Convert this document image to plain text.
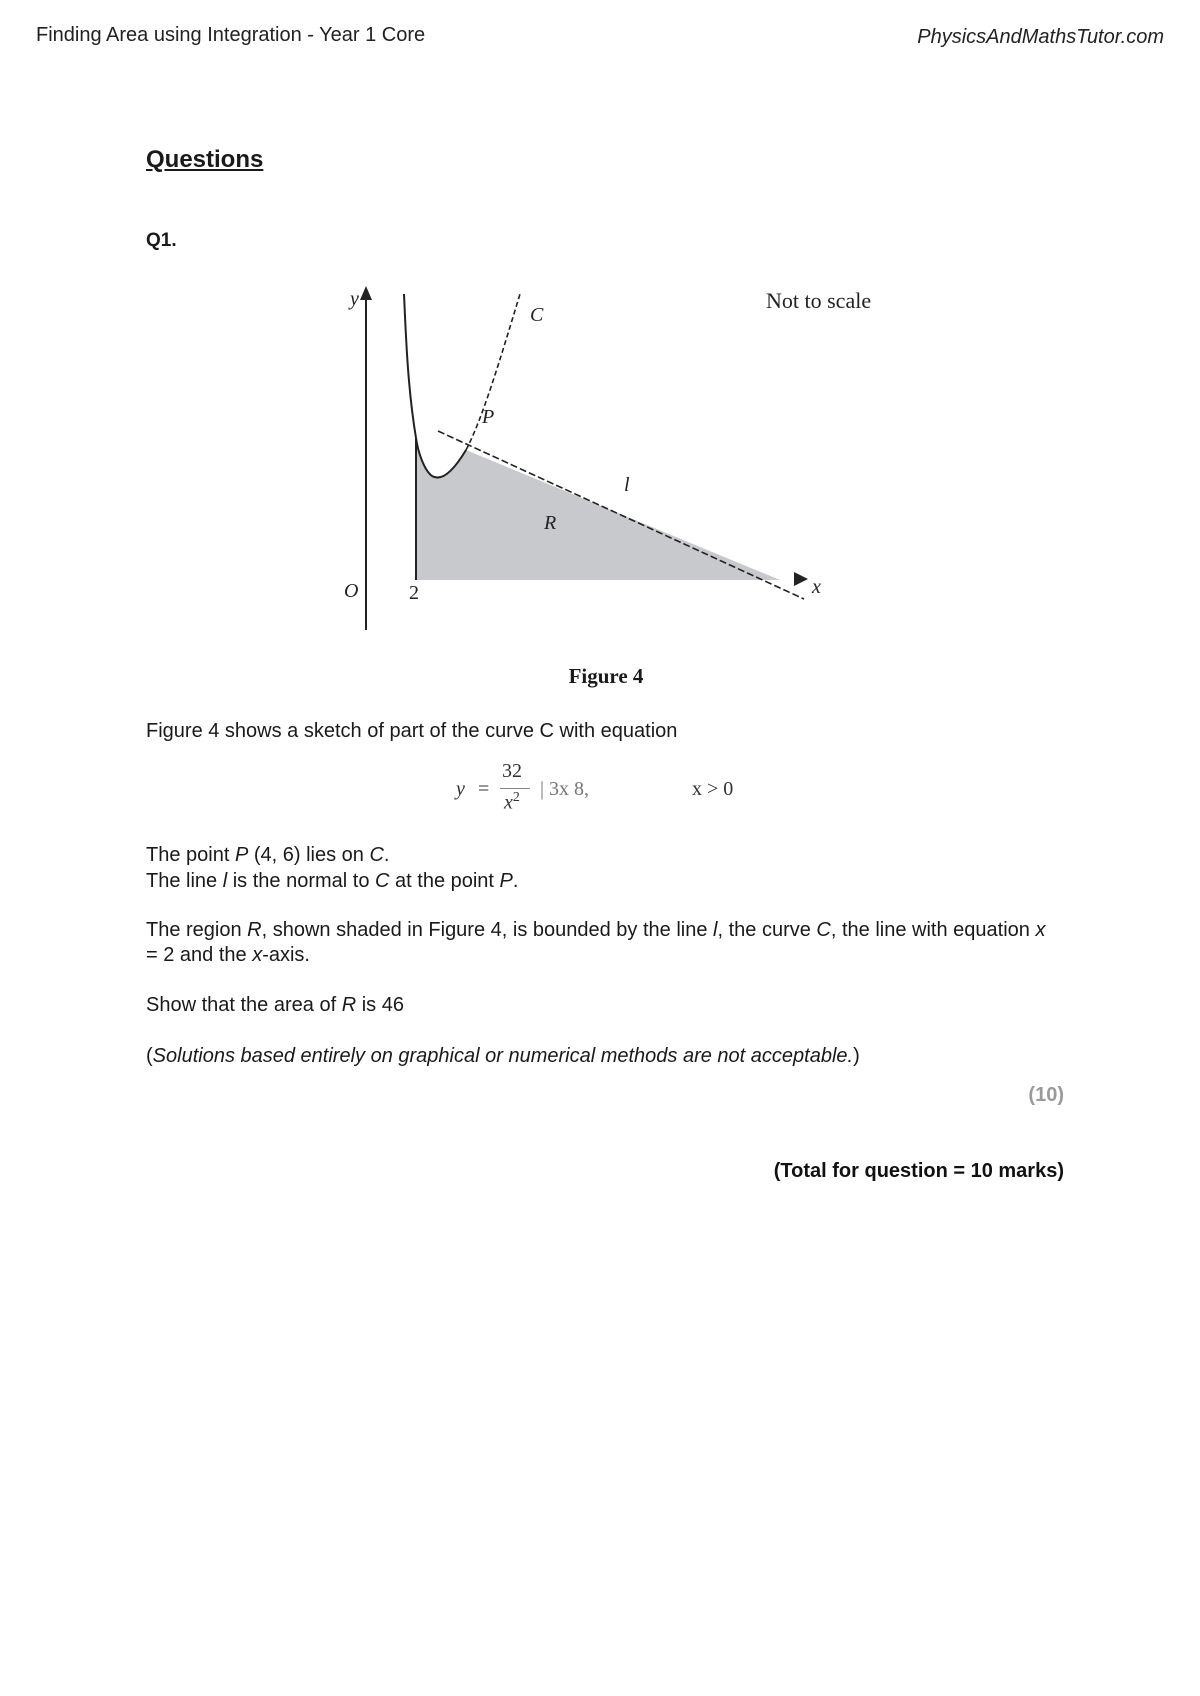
Finding Area using Integration - Year 1 Core	PhysicsAndMathsTutor.com
Questions
Q1.
Not to scale
y
x
O	2
C
P
l
R
Figure 4
Figure 4 shows a sketch of part of the curve C with equation
y =
32
$x^2$ | 3x 8,	x > 0
The point P (4, 6) lies on C.
The line l is the normal to C at the point P.
The region R, shown shaded in Figure 4, is bounded by the line l, the curve C, the line with equation x = 2 and the x-axis.
Show that the area of R is 46
(Solutions based entirely on graphical or numerical methods are not acceptable.)
(10)
(Total for question = 10 marks)
